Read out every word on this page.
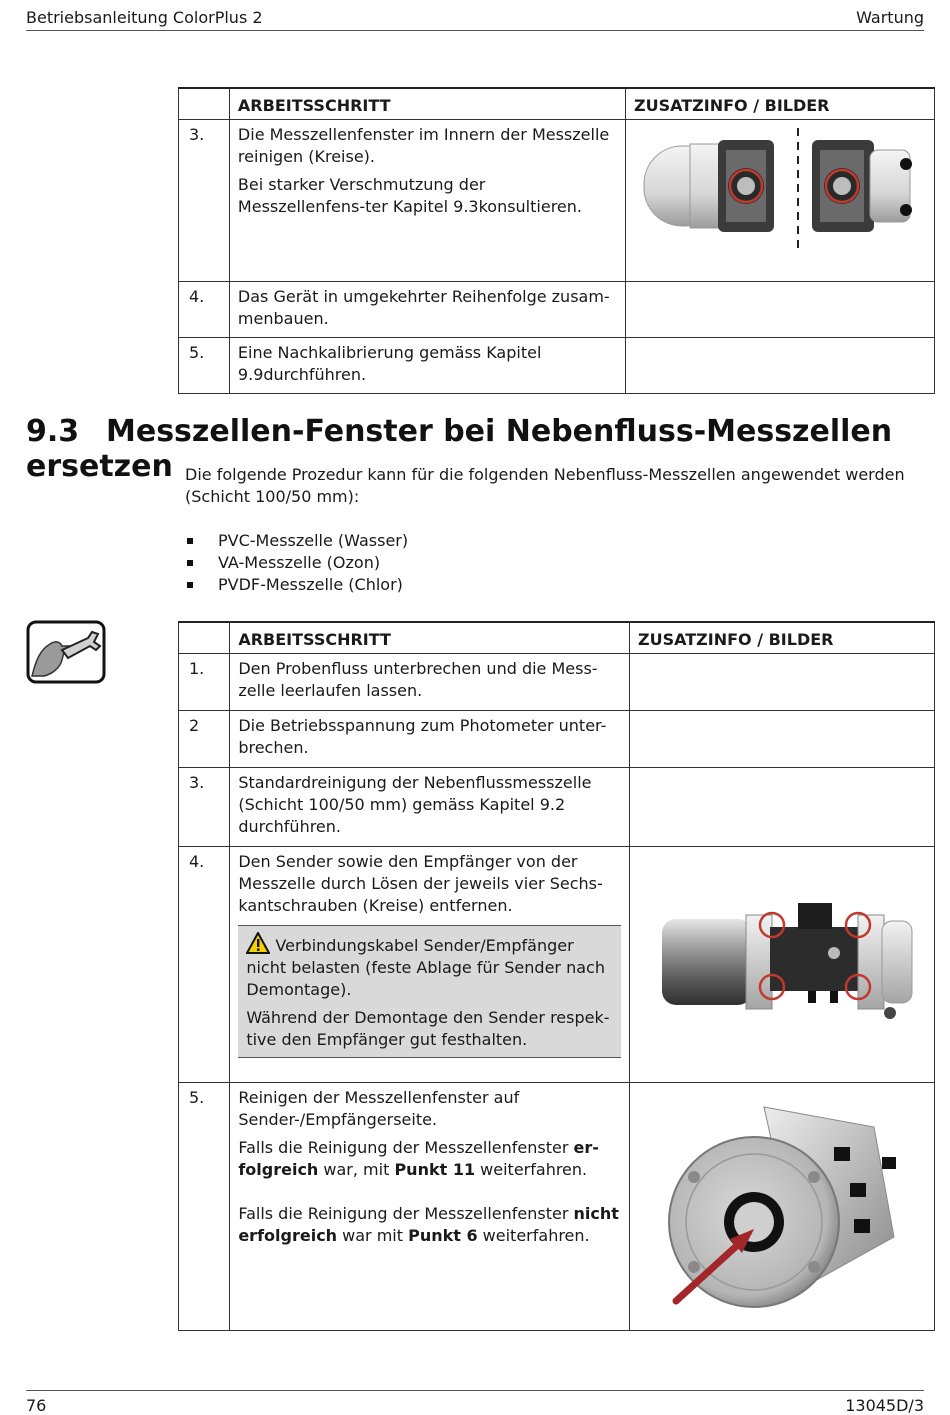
Betriebsanleitung ColorPlus 2	Wartung
	ARBEITSSCHRITT	ZUSATZINFO / BILDER
3.	Die Messzellenfenster im Innern der Messzelle reinigen (Kreise).

Bei starker Verschmutzung der Messzellenfens-ter Kapitel 9.3konsultieren.

4.	Das Gerät in umgekehrter Reihenfolge zusam-menbauen.	
5.	Eine Nachkalibrierung gemäss Kapitel 9.9durchführen.	
9.3 Messzellen-Fenster bei Nebenfluss-Messzellen ersetzen Die folgende Prozedur kann für die folgenden Nebenfluss-Messzellen angewendet werden (Schicht 100/50 mm):
PVC-Messzelle (Wasser)
VA-Messzelle (Ozon)
PVDF-Messzelle (Chlor)
	ARBEITSSCHRITT	ZUSATZINFO / BILDER
1.	Den Probenfluss unterbrechen und die Mess-zelle leerlaufen lassen.	
2	Die Betriebsspannung zum Photometer unter-brechen.	
3.	Standardreinigung der Nebenflussmesszelle (Schicht 100/50 mm) gemäss Kapitel 9.2 durchführen.	
4.	Den Sender sowie den Empfänger von der Messzelle durch Lösen der jeweils vier Sechs-kantschrauben (Kreise) entfernen.

Verbindungskabel Sender/Empfänger nicht belasten (feste Ablage für Sender nach Demontage).

Während der Demontage den Sender respek-tive den Empfänger gut festhalten.

5.	Reinigen der Messzellenfenster auf Sender-/Empfängerseite.

Falls die Reinigung der Messzellenfenster er-folgreich war, mit Punkt 11 weiterfahren.

Falls die Reinigung der Messzellenfenster nicht erfolgreich war mit Punkt 6 weiterfahren.

76	13045D/3
